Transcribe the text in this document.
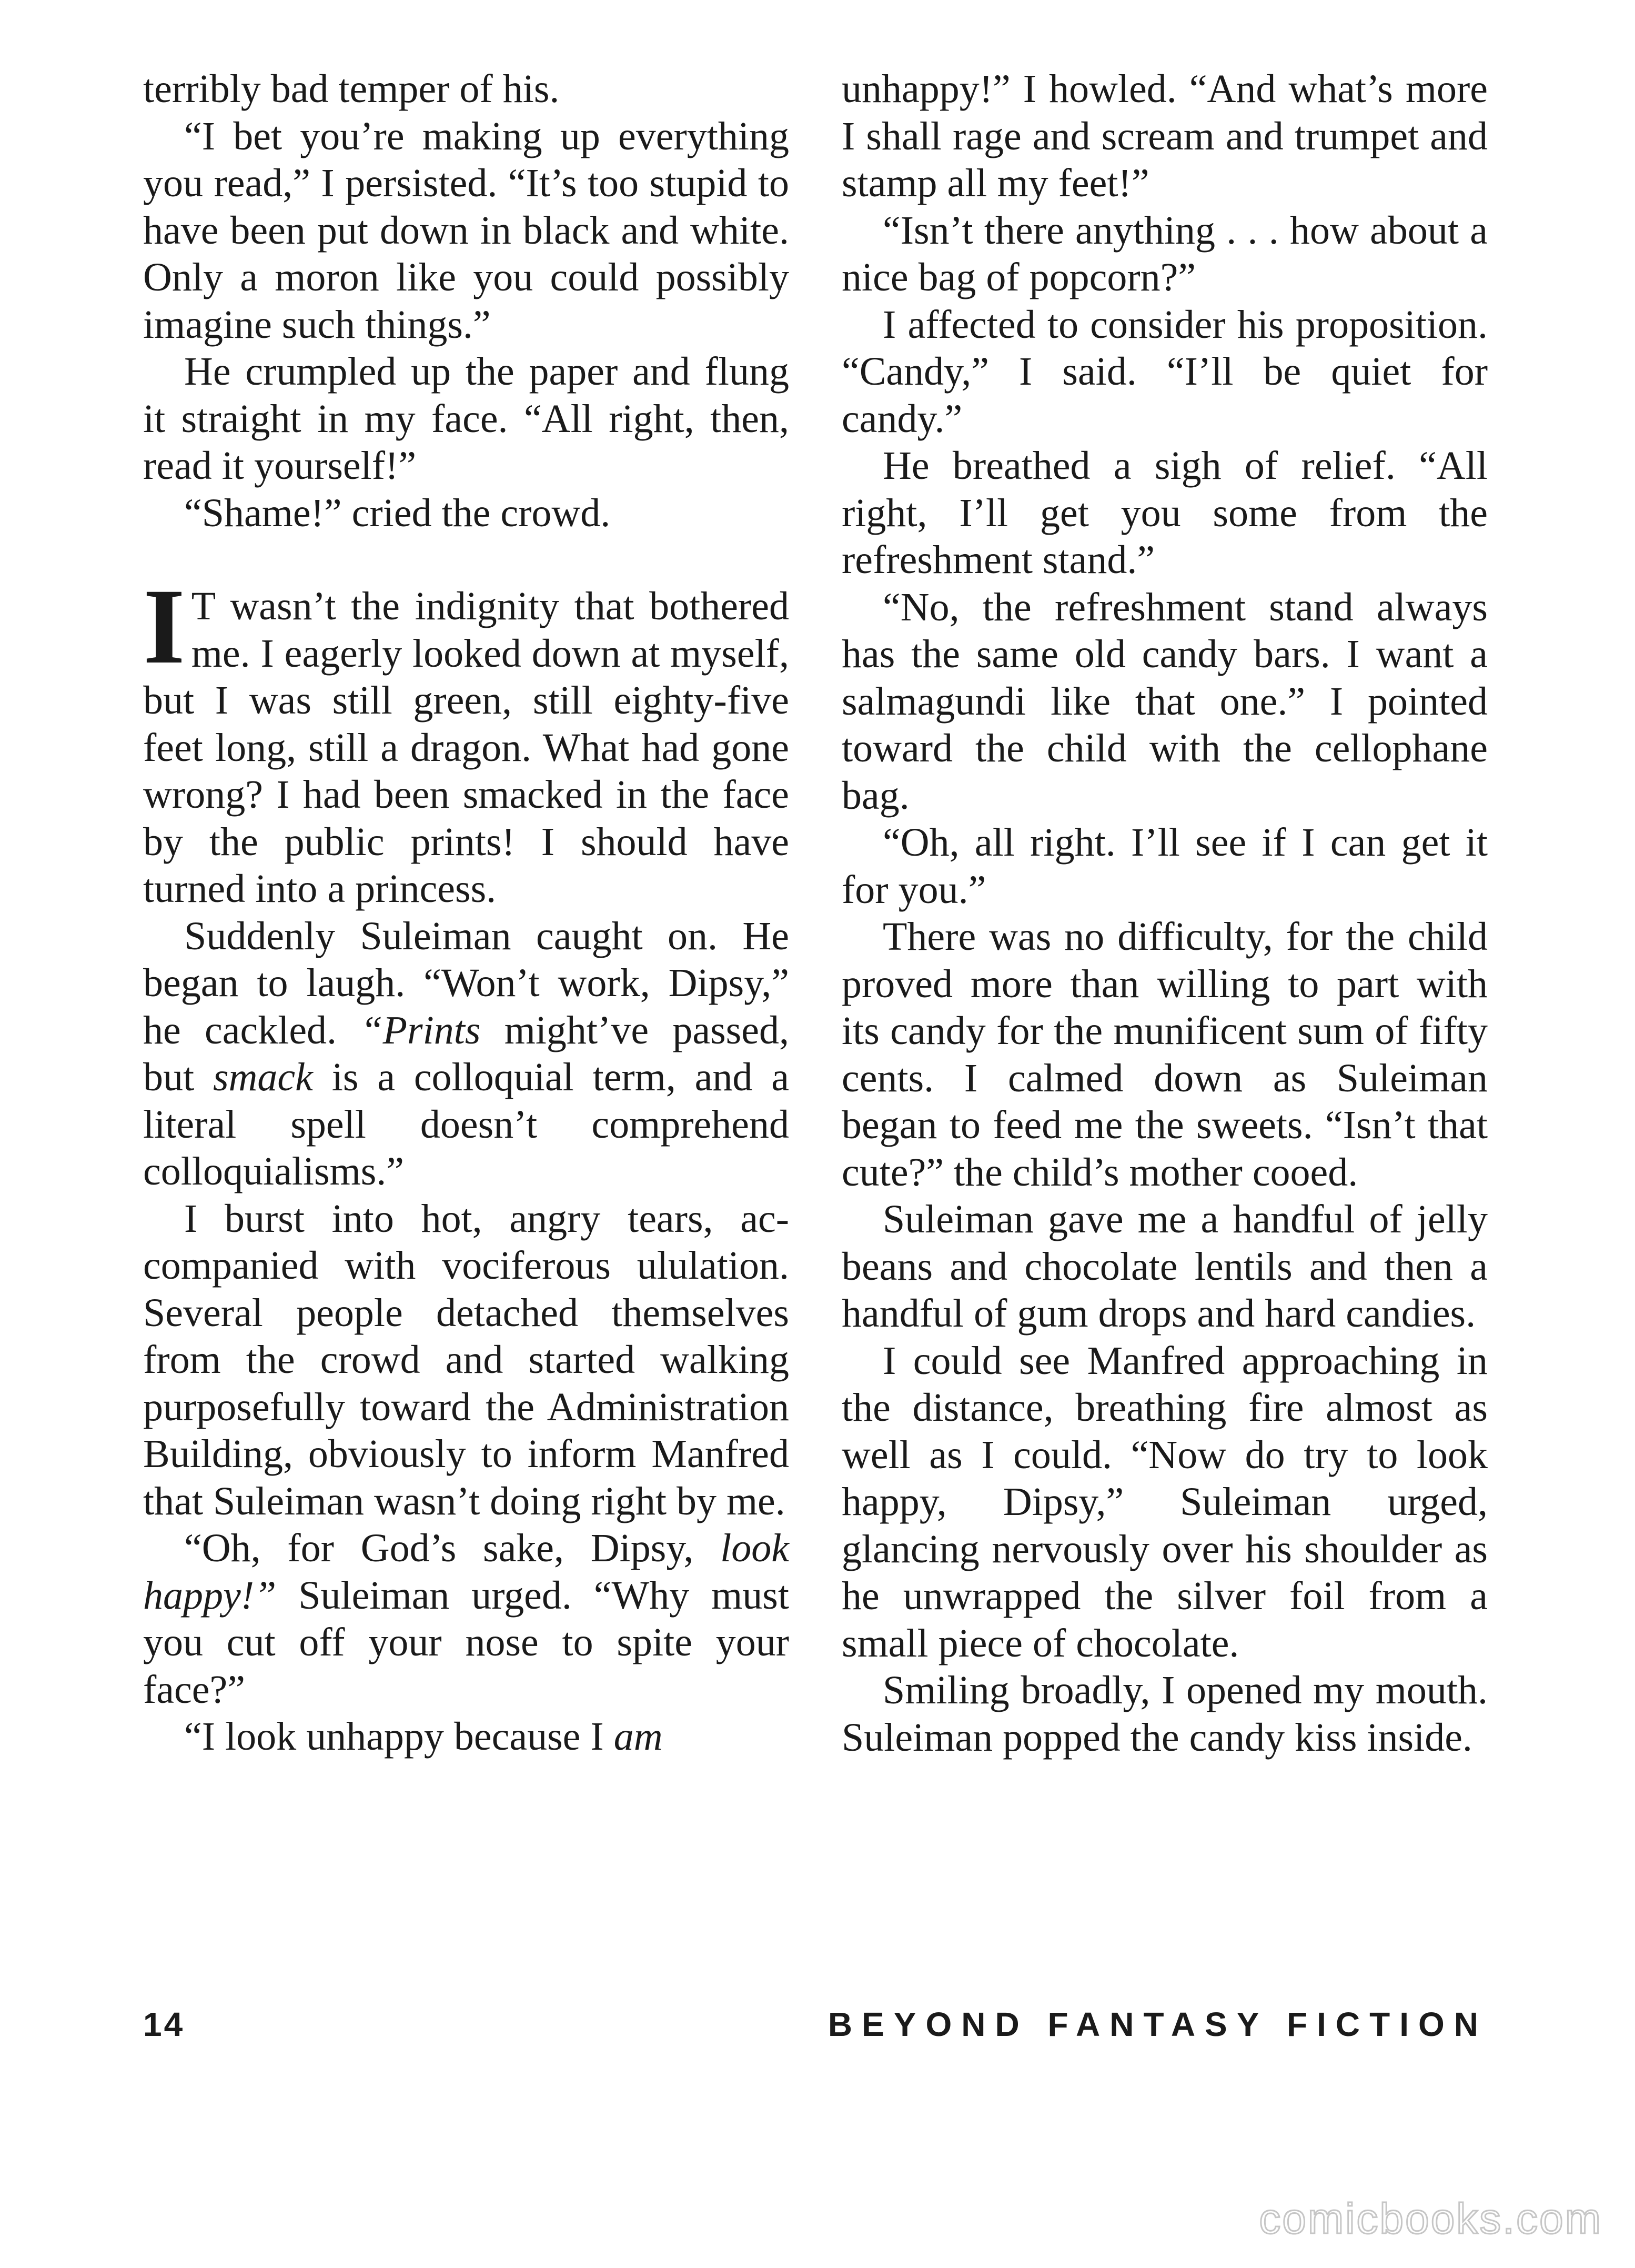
terribly bad temper of his.

“I bet you’re making up everything you read,” I persisted. “It’s too stupid to have been put down in black and white. Only a moron like you could possibly imagine such things.”

He crumpled up the paper and flung it straight in my face. “All right, then, read it yourself!”

“Shame!” cried the crowd.

I T wasn’t the indignity that bothered me. I eagerly looked down at myself, but I was still green, still eighty-five feet long, still a dragon. What had gone wrong? I had been smacked in the face by the public prints! I should have turned into a princess.

Suddenly Suleiman caught on. He began to laugh. “Won’t work, Dipsy,” he cackled. “Prints might’ve passed, but smack is a colloquial term, and a literal spell doesn’t comprehend colloquialisms.”

I burst into hot, angry tears, accompanied with vociferous ululation. Several people detached themselves from the crowd and started walking purposefully toward the Administration Building, obviously to inform Manfred that Suleiman wasn’t doing right by me.

“Oh, for God’s sake, Dipsy, look happy!” Suleiman urged. “Why must you cut off your nose to spite your face?”

“I look unhappy because I am

unhappy!” I howled. “And what’s more I shall rage and scream and trumpet and stamp all my feet!”

“Isn’t there anything . . . how about a nice bag of popcorn?”

I affected to consider his proposition. “Candy,” I said. “I’ll be quiet for candy.”

He breathed a sigh of relief. “All right, I’ll get you some from the refreshment stand.”

“No, the refreshment stand always has the same old candy bars. I want a salmagundi like that one.” I pointed toward the child with the cellophane bag.

“Oh, all right. I’ll see if I can get it for you.”

There was no difficulty, for the child proved more than willing to part with its candy for the munificent sum of fifty cents. I calmed down as Suleiman began to feed me the sweets. “Isn’t that cute?” the child’s mother cooed.

Suleiman gave me a handful of jelly beans and chocolate lentils and then a handful of gum drops and hard candies.

I could see Manfred approaching in the distance, breathing fire almost as well as I could. “Now do try to look happy, Dipsy,” Suleiman urged, glancing nervously over his shoulder as he unwrapped the silver foil from a small piece of chocolate.

Smiling broadly, I opened my mouth. Suleiman popped the candy kiss inside.

14	BEYOND FANTASY FICTION
comicbooks.com
